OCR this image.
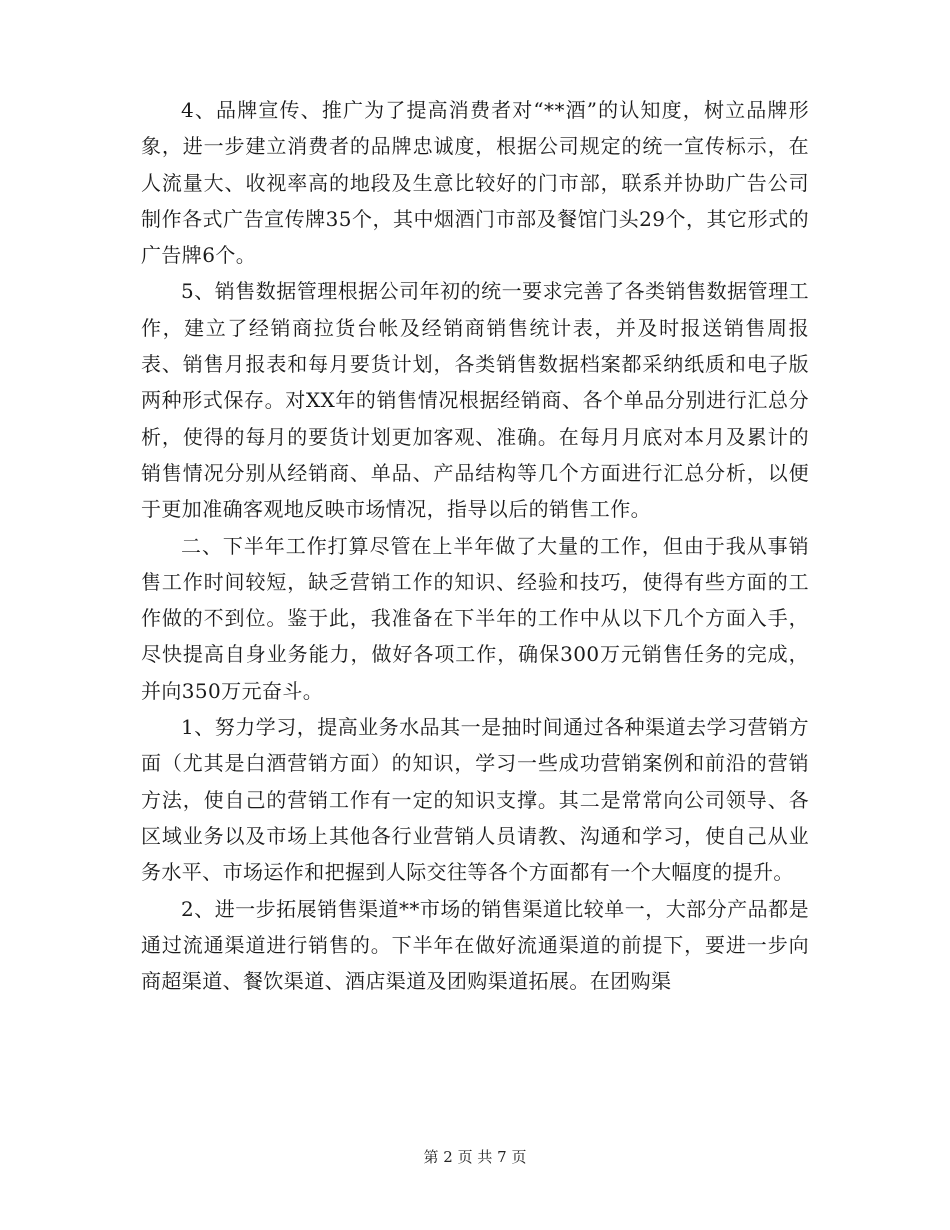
4、品牌宣传、推广为了提高消费者对“**酒”的认知度，树立品牌形象，进一步建立消费者的品牌忠诚度，根据公司规定的统一宣传标示，在人流量大、收视率高的地段及生意比较好的门市部，联系并协助广告公司制作各式广告宣传牌35个，其中烟酒门市部及餐馆门头29个，其它形式的广告牌6个。

5、销售数据管理根据公司年初的统一要求完善了各类销售数据管理工作，建立了经销商拉货台帐及经销商销售统计表，并及时报送销售周报表、销售月报表和每月要货计划，各类销售数据档案都采纳纸质和电子版两种形式保存。对XX年的销售情况根据经销商、各个单品分别进行汇总分析，使得的每月的要货计划更加客观、准确。在每月月底对本月及累计的销售情况分别从经销商、单品、产品结构等几个方面进行汇总分析，以便于更加准确客观地反映市场情况，指导以后的销售工作。

二、下半年工作打算尽管在上半年做了大量的工作，但由于我从事销售工作时间较短，缺乏营销工作的知识、经验和技巧，使得有些方面的工作做的不到位。鉴于此，我准备在下半年的工作中从以下几个方面入手，尽快提高自身业务能力，做好各项工作，确保300万元销售任务的完成，并向350万元奋斗。

1、努力学习，提高业务水品其一是抽时间通过各种渠道去学习营销方面（尤其是白酒营销方面）的知识，学习一些成功营销案例和前沿的营销方法，使自己的营销工作有一定的知识支撑。其二是常常向公司领导、各区域业务以及市场上其他各行业营销人员请教、沟通和学习，使自己从业务水平、市场运作和把握到人际交往等各个方面都有一个大幅度的提升。

2、进一步拓展销售渠道**市场的销售渠道比较单一，大部分产品都是通过流通渠道进行销售的。下半年在做好流通渠道的前提下，要进一步向商超渠道、餐饮渠道、酒店渠道及团购渠道拓展。在团购渠

第 2 页 共 7 页
